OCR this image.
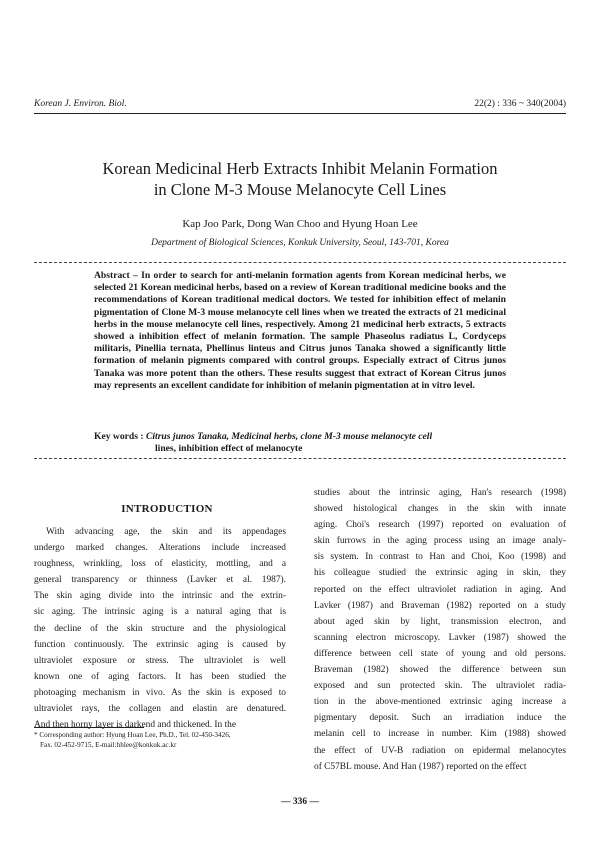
Korean J. Environ. Biol.	22(2) : 336 ~ 340(2004)
Korean Medicinal Herb Extracts Inhibit Melanin Formation
in Clone M-3 Mouse Melanocyte Cell Lines
Kap Joo Park, Dong Wan Choo and Hyung Hoan Lee
Department of Biological Sciences, Konkuk University, Seoul, 143-701, Korea
Abstract – In order to search for anti-melanin formation agents from Korean medicinal herbs, we selected 21 Korean medicinal herbs, based on a review of Korean traditional medicine books and the recommendations of Korean traditional medical doctors. We tested for inhibition effect of melanin pigmentation of Clone M-3 mouse melanocyte cell lines when we treated the extracts of 21 medicinal herbs in the mouse melanocyte cell lines, respectively. Among 21 medicinal herb extracts, 5 extracts showed a inhibition effect of melanin formation. The sample Phaseolus radiatus L, Cordyceps militaris, Pinellia ternata, Phellinus linteus and Citrus junos Tanaka showed a significantly little formation of melanin pigments compared with control groups. Especially extract of Citrus junos Tanaka was more potent than the others. These results suggest that extract of Korean Citrus junos may represents an excellent candidate for inhibition of melanin pigmentation at in vitro level.
Key words :
Citrus junos Tanaka, Medicinal herbs, clone M-3 mouse melanocyte cell
lines, inhibition effect of melanocyte
INTRODUCTION
With advancing age, the skin and its appendages
undergo marked changes. Alterations include increased
roughness, wrinkling, loss of elasticity, mottling, and a
general transparency or thinness (Lavker et al. 1987).
The skin aging divide into the intrinsic and the extrin-
sic aging. The intrinsic aging is a natural aging that is
the decline of the skin structure and the physiological
function continuously. The extrinsic aging is caused by
ultraviolet exposure or stress. The ultraviolet is well
known one of aging factors. It has been studied the
photoaging mechanism in vivo. As the skin is exposed to
ultraviolet rays, the collagen and elastin are denatured.
And then horny layer is darkend and thickened. In the
studies about the intrinsic aging, Han's research (1998)
showed histological changes in the skin with innate
aging. Choi's research (1997) reported on evaluation of
skin furrows in the aging process using an image analy-
sis system. In contrast to Han and Choi, Koo (1998) and
his colleague studied the extrinsic aging in skin, they
reported on the effect ultraviolet radiation in aging. And
Lavker (1987) and Braveman (1982) reported on a study
about aged skin by light, transmission electron, and
scanning electron microscopy. Lavker (1987) showed the
difference between cell state of young and old persons.
Braveman (1982) showed the difference between sun
exposed and sun protected skin. The ultraviolet radia-
tion in the above-mentioned extrinsic aging increase a
pigmentary deposit. Such an irradiation induce the
melanin cell to increase in number. Kim (1988) showed
the effect of UV-B radiation on epidermal melanocytes
of C57BL mouse. And Han (1987) reported on the effect
* Corresponding author: Hyung Hoan Lee, Ph.D., Tel. 02-450-3426,
Fax. 02-452-9715, E-mail:hhlee@konkuk.ac.kr
— 336 —
